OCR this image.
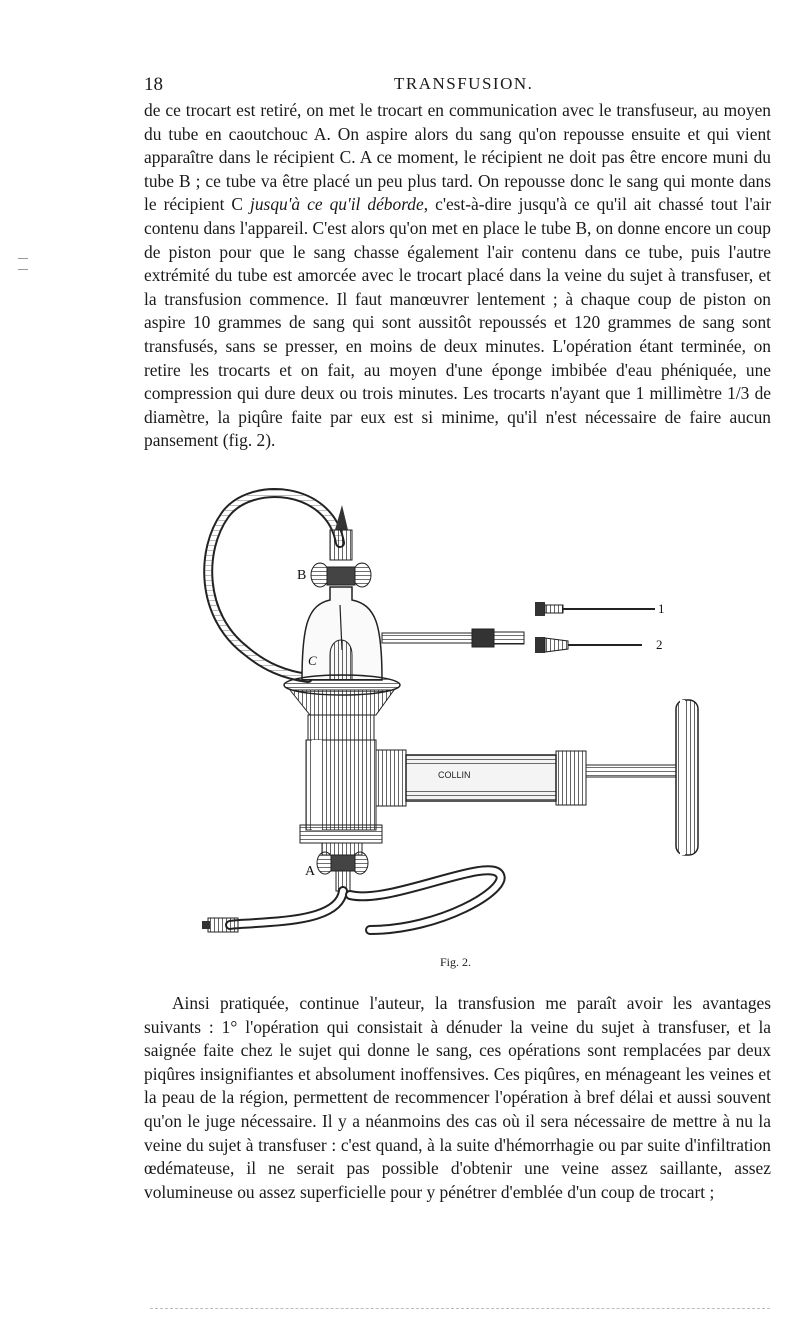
18	TRANSFUSION.

de ce trocart est retiré, on met le trocart en communication avec le transfuseur, au moyen du tube en caoutchouc A. On aspire alors du sang qu'on repousse ensuite et qui vient apparaître dans le récipient C. A ce moment, le récipient ne doit pas être encore muni du tube B ; ce tube va être placé un peu plus tard. On repousse donc le sang qui monte dans le récipient C jusqu'à ce qu'il déborde, c'est-à-dire jusqu'à ce qu'il ait chassé tout l'air contenu dans l'appareil. C'est alors qu'on met en place le tube B, on donne encore un coup de piston pour que le sang chasse également l'air contenu dans ce tube, puis l'autre extrémité du tube est amorcée avec le trocart placé dans la veine du sujet à transfuser, et la transfusion commence. Il faut manœuvrer lentement ; à chaque coup de piston on aspire 10 grammes de sang qui sont aussitôt repoussés et 120 grammes de sang sont transfusés, sans se presser, en moins de deux minutes. L'opération étant terminée, on retire les trocarts et on fait, au moyen d'une éponge imbibée d'eau phéniquée, une compression qui dure deux ou trois minutes. Les trocarts n'ayant que 1 millimètre 1/3 de diamètre, la piqûre faite par eux est si minime, qu'il n'est nécessaire de faire aucun pansement (fig. 2).

COLLIN
B
C
A
1
2
Fig. 2.

Ainsi pratiquée, continue l'auteur, la transfusion me paraît avoir les avantages suivants : 1° l'opération qui consistait à dénuder la veine du sujet à transfuser, et la saignée faite chez le sujet qui donne le sang, ces opérations sont remplacées par deux piqûres insignifiantes et absolument inoffensives. Ces piqûres, en ménageant les veines et la peau de la région, permettent de recommencer l'opération à bref délai et aussi souvent qu'on le juge nécessaire. Il y a néanmoins des cas où il sera nécessaire de mettre à nu la veine du sujet à transfuser : c'est quand, à la suite d'hémorrhagie ou par suite d'infiltration œdémateuse, il ne serait pas possible d'obtenir une veine assez saillante, assez volumineuse ou assez superficielle pour y pénétrer d'emblée d'un coup de trocart ;
